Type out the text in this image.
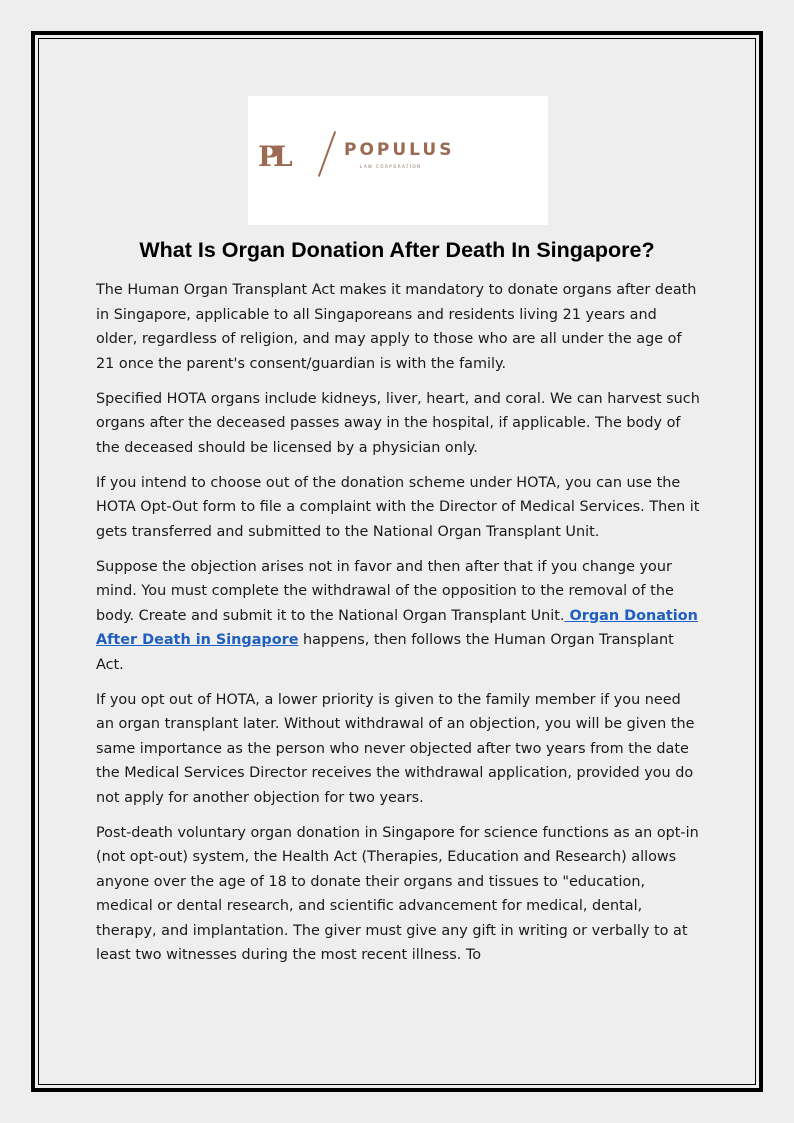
PL	POPULUS
LAW CORPORATION
What Is Organ Donation After Death In Singapore?

The Human Organ Transplant Act makes it mandatory to donate organs after death in Singapore, applicable to all Singaporeans and residents living 21 years and older, regardless of religion, and may apply to those who are all under the age of 21 once the parent's consent/guardian is with the family.

Specified HOTA organs include kidneys, liver, heart, and coral. We can harvest such organs after the deceased passes away in the hospital, if applicable. The body of the deceased should be licensed by a physician only.

If you intend to choose out of the donation scheme under HOTA, you can use the HOTA Opt-Out form to file a complaint with the Director of Medical Services. Then it gets transferred and submitted to the National Organ Transplant Unit.

Suppose the objection arises not in favor and then after that if you change your mind. You must complete the withdrawal of the opposition to the removal of the body. Create and submit it to the National Organ Transplant Unit. Organ Donation After Death in Singapore happens, then follows the Human Organ Transplant Act.

If you opt out of HOTA, a lower priority is given to the family member if you need an organ transplant later. Without withdrawal of an objection, you will be given the same importance as the person who never objected after two years from the date the Medical Services Director receives the withdrawal application, provided you do not apply for another objection for two years.

Post-death voluntary organ donation in Singapore for science functions as an opt-in (not opt-out) system, the Health Act (Therapies, Education and Research) allows anyone over the age of 18 to donate their organs and tissues to "education, medical or dental research, and scientific advancement for medical, dental, therapy, and implantation. The giver must give any gift in writing or verbally to at least two witnesses during the most recent illness. To
